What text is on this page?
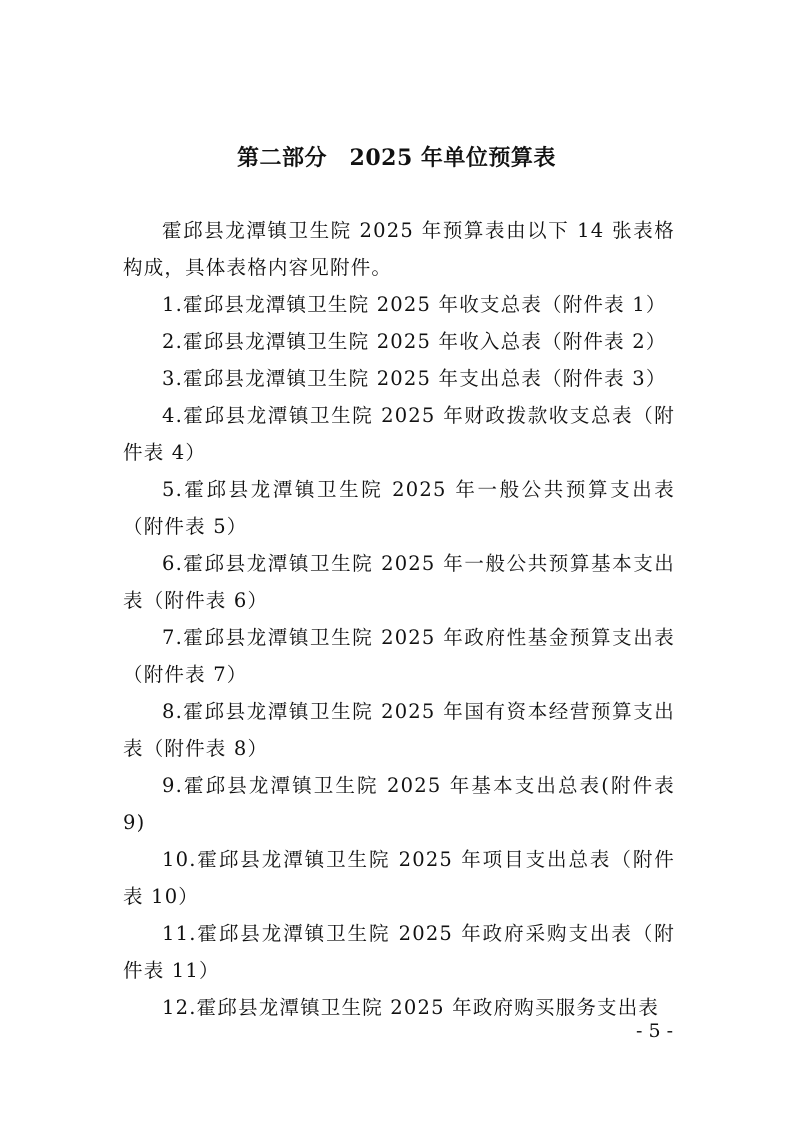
第二部分　2025 年单位预算表

霍邱县龙潭镇卫生院 2025 年预算表由以下 14 张表格构成，具体表格内容见附件。

1.霍邱县龙潭镇卫生院 2025 年收支总表（附件表 1）

2.霍邱县龙潭镇卫生院 2025 年收入总表（附件表 2）

3.霍邱县龙潭镇卫生院 2025 年支出总表（附件表 3）

4.霍邱县龙潭镇卫生院 2025 年财政拨款收支总表（附件表 4）

5.霍邱县龙潭镇卫生院 2025 年一般公共预算支出表（附件表 5）

6.霍邱县龙潭镇卫生院 2025 年一般公共预算基本支出表（附件表 6）

7.霍邱县龙潭镇卫生院 2025 年政府性基金预算支出表（附件表 7）

8.霍邱县龙潭镇卫生院 2025 年国有资本经营预算支出表（附件表 8）

9.霍邱县龙潭镇卫生院 2025 年基本支出总表(附件表 9)

10.霍邱县龙潭镇卫生院 2025 年项目支出总表（附件表 10）

11.霍邱县龙潭镇卫生院 2025 年政府采购支出表（附件表 11）

12.霍邱县龙潭镇卫生院 2025 年政府购买服务支出表

- 5 -
